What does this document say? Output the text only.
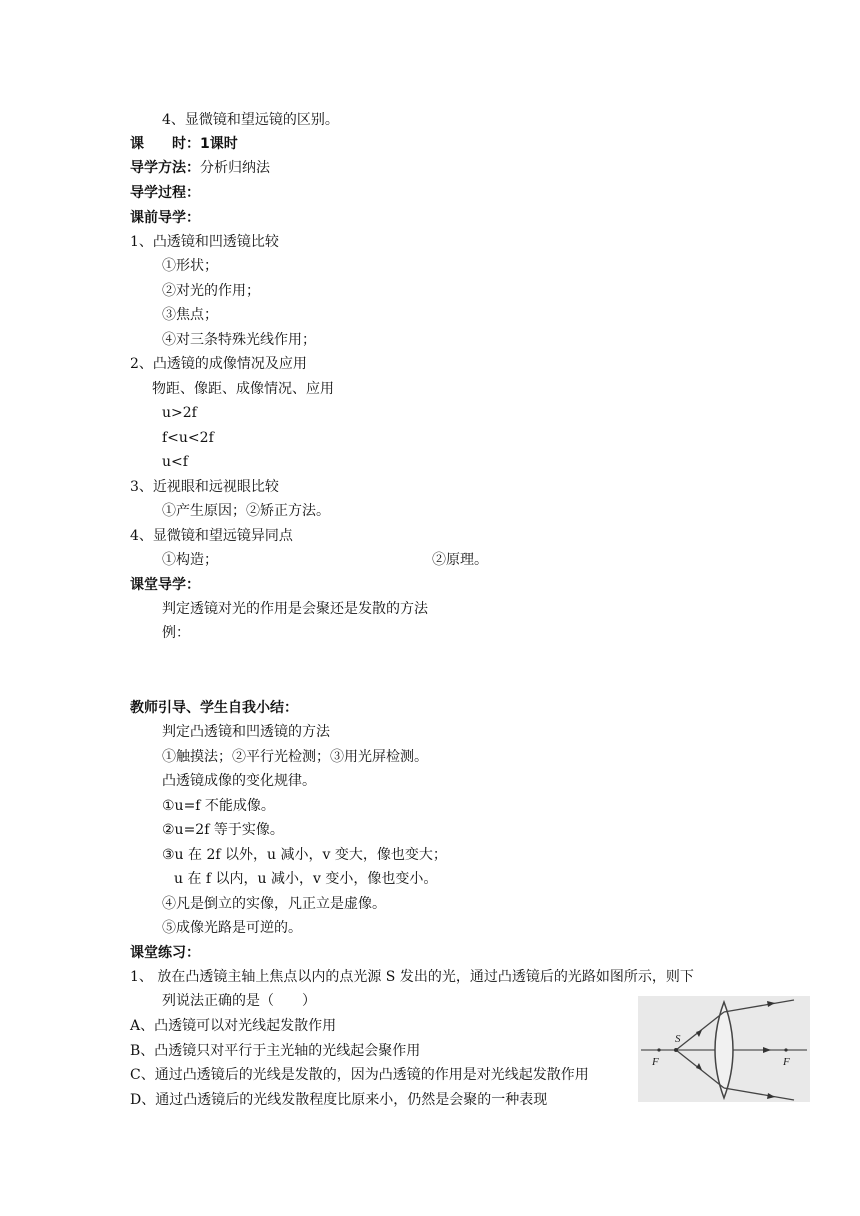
4、显微镜和望远镜的区别。
课　　时：1课时
导学方法：分析归纳法
导学过程：
课前导学：
1、凸透镜和凹透镜比较
①形状；
②对光的作用；
③焦点；
④对三条特殊光线作用；
2、凸透镜的成像情况及应用
物距、像距、成像情况、应用
u>2f
f<u<2f
u<f
3、近视眼和远视眼比较
①产生原因；②矫正方法。
4、显微镜和望远镜异同点
①构造；	②原理。
课堂导学：
判定透镜对光的作用是会聚还是发散的方法
例：
教师引导、学生自我小结：
判定凸透镜和凹透镜的方法
①触摸法；②平行光检测；③用光屏检测。
凸透镜成像的变化规律。
①u=f 不能成像。
②u=2f 等于实像。
③u 在 2f 以外，u 减小，v 变大，像也变大；
u 在 f 以内，u 减小，v 变小，像也变小。
④凡是倒立的实像，凡正立是虚像。
⑤成像光路是可逆的。
课堂练习：
1、 放在凸透镜主轴上焦点以内的点光源 S 发出的光，通过凸透镜后的光路如图所示，则下
列说法正确的是（　　）
A、凸透镜可以对光线起发散作用
B、凸透镜只对平行于主光轴的光线起会聚作用
C、通过凸透镜后的光线是发散的，因为凸透镜的作用是对光线起发散作用
D、通过凸透镜后的光线发散程度比原来小，仍然是会聚的一种表现
S
F	F
